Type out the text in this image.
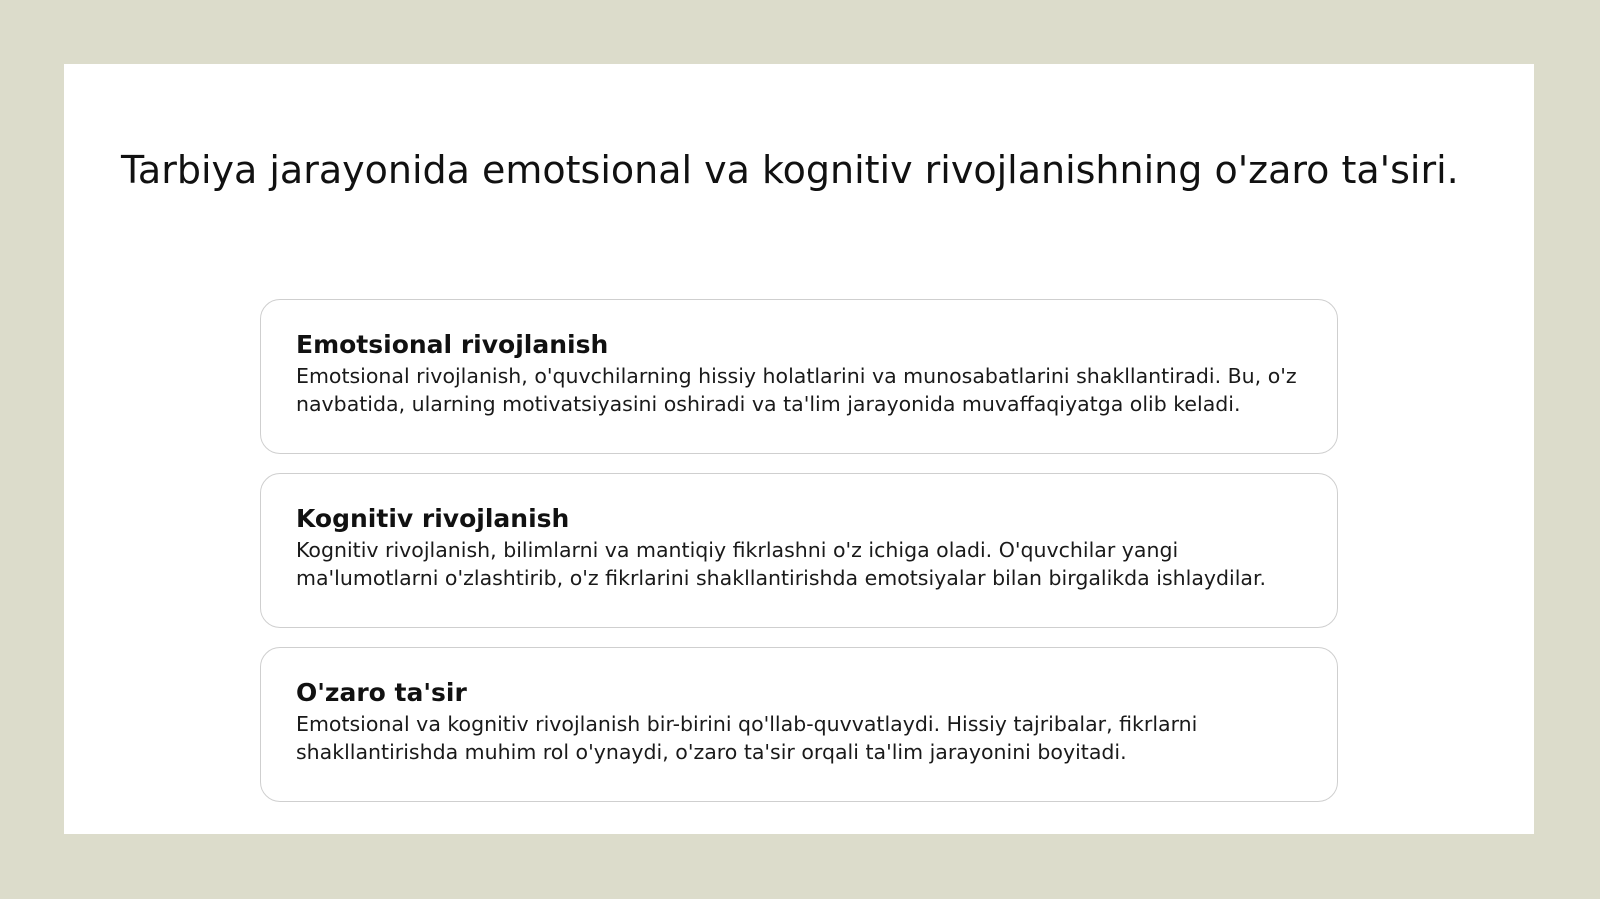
Tarbiya jarayonida emotsional va kognitiv rivojlanishning o'zaro ta'siri.
Emotsional rivojlanish

Emotsional rivojlanish, o'quvchilarning hissiy holatlarini va munosabatlarini shakllantiradi. Bu, o'z navbatida, ularning motivatsiyasini oshiradi va ta'lim jarayonida muvaffaqiyatga olib keladi.

Kognitiv rivojlanish

Kognitiv rivojlanish, bilimlarni va mantiqiy fikrlashni o'z ichiga oladi. O'quvchilar yangi ma'lumotlarni o'zlashtirib, o'z fikrlarini shakllantirishda emotsiyalar bilan birgalikda ishlaydilar.

O'zaro ta'sir

Emotsional va kognitiv rivojlanish bir-birini qo'llab-quvvatlaydi. Hissiy tajribalar, fikrlarni shakllantirishda muhim rol o'ynaydi, o'zaro ta'sir orqali ta'lim jarayonini boyitadi.
